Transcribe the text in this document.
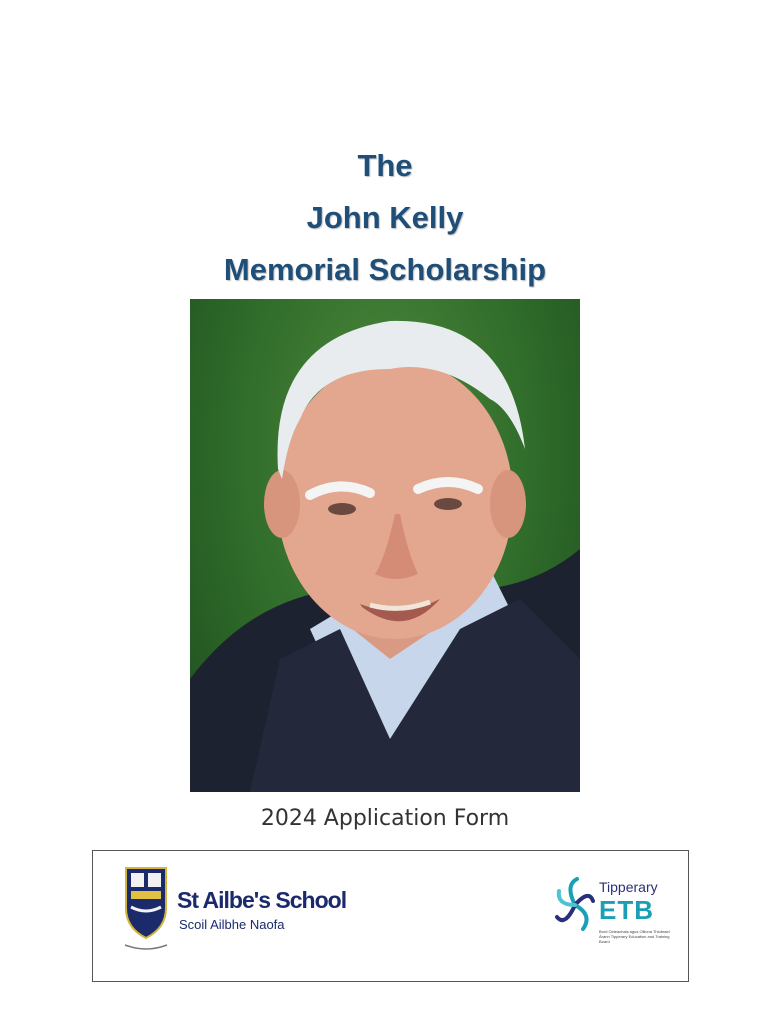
The
John Kelly
Memorial Scholarship
2024 Application Form
St Ailbe's School
Scoil Ailbhe Naofa
Tipperary
ETB
Bord Oideachais agus Oiliúna Thiobraid Árann Tipperary Education and Training Board
